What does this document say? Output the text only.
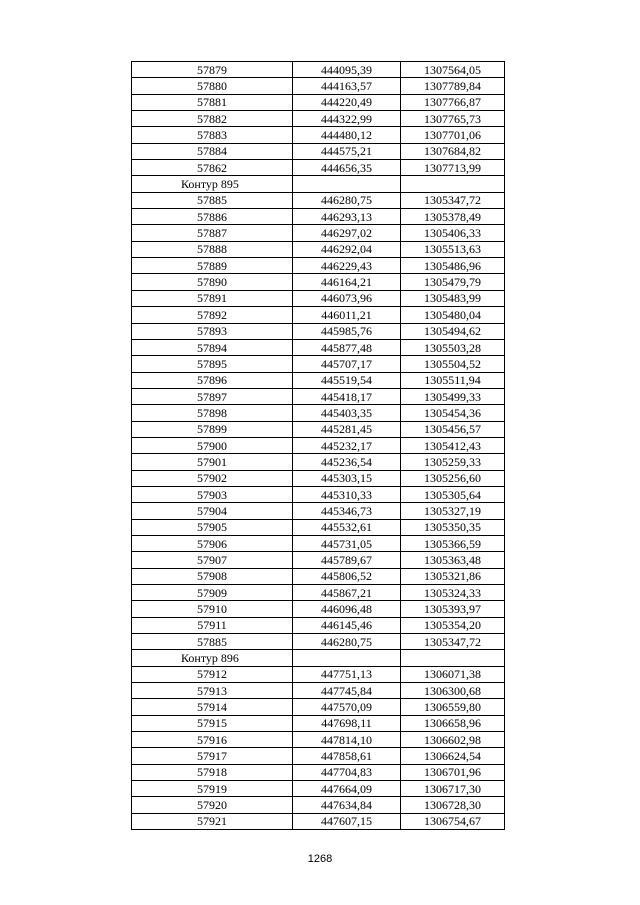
57879	444095,39	1307564,05
57880	444163,57	1307789,84
57881	444220,49	1307766,87
57882	444322,99	1307765,73
57883	444480,12	1307701,06
57884	444575,21	1307684,82
57862	444656,35	1307713,99
Контур 895		
57885	446280,75	1305347,72
57886	446293,13	1305378,49
57887	446297,02	1305406,33
57888	446292,04	1305513,63
57889	446229,43	1305486,96
57890	446164,21	1305479,79
57891	446073,96	1305483,99
57892	446011,21	1305480,04
57893	445985,76	1305494,62
57894	445877,48	1305503,28
57895	445707,17	1305504,52
57896	445519,54	1305511,94
57897	445418,17	1305499,33
57898	445403,35	1305454,36
57899	445281,45	1305456,57
57900	445232,17	1305412,43
57901	445236,54	1305259,33
57902	445303,15	1305256,60
57903	445310,33	1305305,64
57904	445346,73	1305327,19
57905	445532,61	1305350,35
57906	445731,05	1305366,59
57907	445789,67	1305363,48
57908	445806,52	1305321,86
57909	445867,21	1305324,33
57910	446096,48	1305393,97
57911	446145,46	1305354,20
57885	446280,75	1305347,72
Контур 896		
57912	447751,13	1306071,38
57913	447745,84	1306300,68
57914	447570,09	1306559,80
57915	447698,11	1306658,96
57916	447814,10	1306602,98
57917	447858,61	1306624,54
57918	447704,83	1306701,96
57919	447664,09	1306717,30
57920	447634,84	1306728,30
57921	447607,15	1306754,67
1268
